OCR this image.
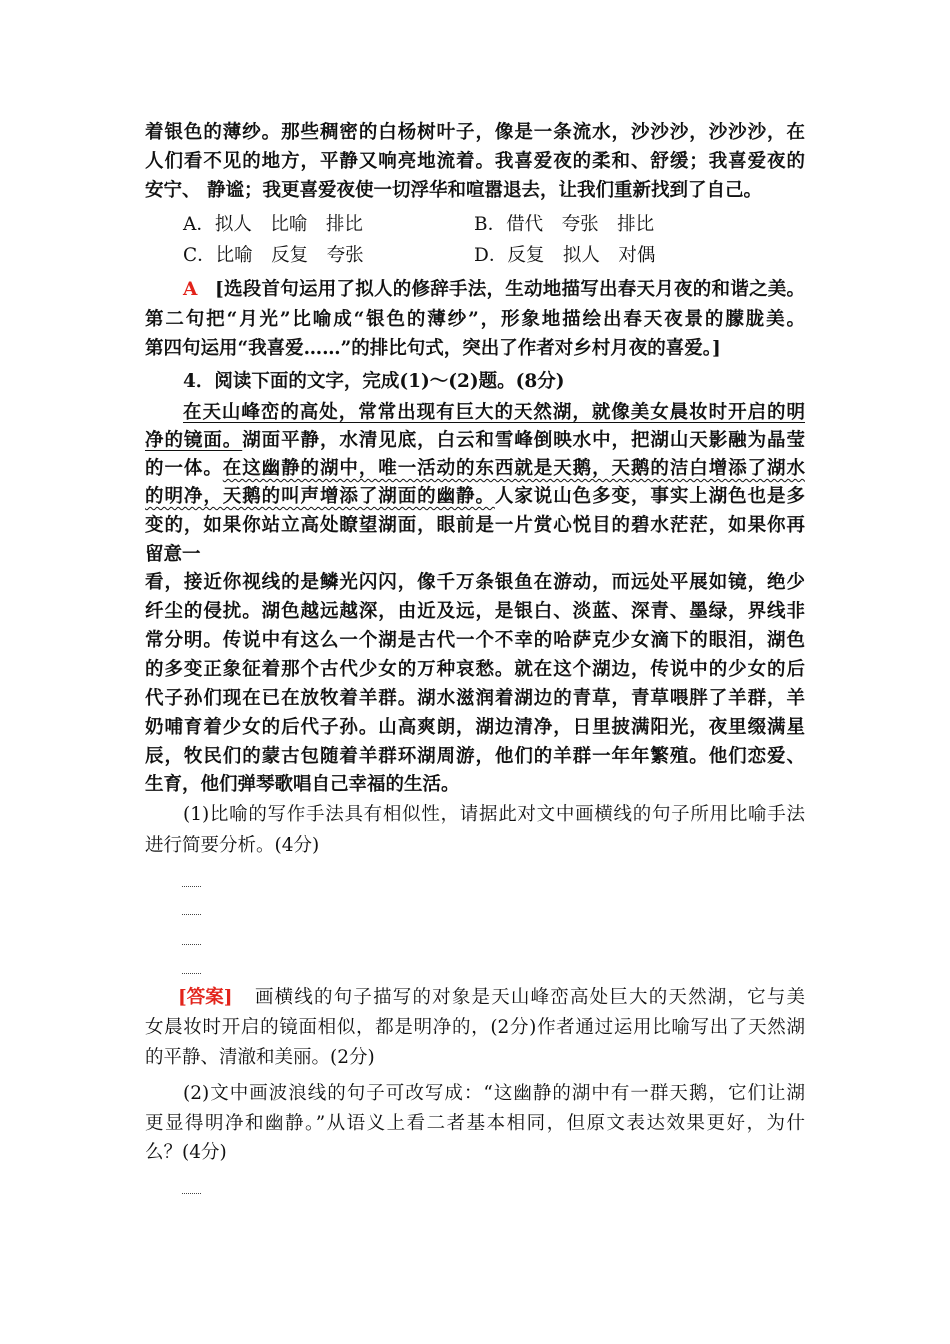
着银色的薄纱。那些稠密的白杨树叶子，像是一条流水，沙沙沙，沙沙沙，在
人们看不见的地方，平静又响亮地流着。我喜爱夜的柔和、舒缓；我喜爱夜的
安宁、 静谧；我更喜爱夜使一切浮华和喧嚣退去，让我们重新找到了自己。
A．拟人　比喻　排比	B．借代　夸张　排比
C．比喻　反复　夸张	D．反复　拟人　对偶
A [选段首句运用了拟人的修辞手法，生动地描写出春天月夜的和谐之美。
第二句把“月光”比喻成“银色的薄纱”，形象地描绘出春天夜景的朦胧美。
第四句运用“我喜爱……”的排比句式，突出了作者对乡村月夜的喜爱。]
4．阅读下面的文字，完成(1)～(2)题。(8分)
在天山峰峦的高处，常常出现有巨大的天然湖，就像美女晨妆时开启的明
净的镜面。湖面平静，水清见底，白云和雪峰倒映水中，把湖山天影融为晶莹
的一体。在这幽静的湖中，唯一活动的东西就是天鹅，天鹅的洁白增添了湖水
的明净，天鹅的叫声增添了湖面的幽静。人家说山色多变，事实上湖色也是多
变的，如果你站立高处瞭望湖面，眼前是一片赏心悦目的碧水茫茫，如果你再
留意一
看，接近你视线的是鳞光闪闪，像千万条银鱼在游动，而远处平展如镜，绝少
纤尘的侵扰。湖色越远越深，由近及远，是银白、淡蓝、深青、墨绿，界线非
常分明。传说中有这么一个湖是古代一个不幸的哈萨克少女滴下的眼泪，湖色
的多变正象征着那个古代少女的万种哀愁。就在这个湖边，传说中的少女的后
代子孙们现在已在放牧着羊群。湖水滋润着湖边的青草，青草喂胖了羊群，羊
奶哺育着少女的后代子孙。山高爽朗，湖边清净，日里披满阳光，夜里缀满星
辰，牧民们的蒙古包随着羊群环湖周游，他们的羊群一年年繁殖。他们恋爱、
生育，他们弹琴歌唱自己幸福的生活。
(1)比喻的写作手法具有相似性，请据此对文中画横线的句子所用比喻手法
进行简要分析。(4分)
[答案]	画横线的句子描写的对象是天山峰峦高处巨大的天然湖，它与美
女晨妆时开启的镜面相似，都是明净的，(2分)作者通过运用比喻写出了天然湖
的平静、清澈和美丽。(2分)
(2)文中画波浪线的句子可改写成：“这幽静的湖中有一群天鹅，它们让湖
更显得明净和幽静。”从语义上看二者基本相同，但原文表达效果更好，为什
么？(4分)
